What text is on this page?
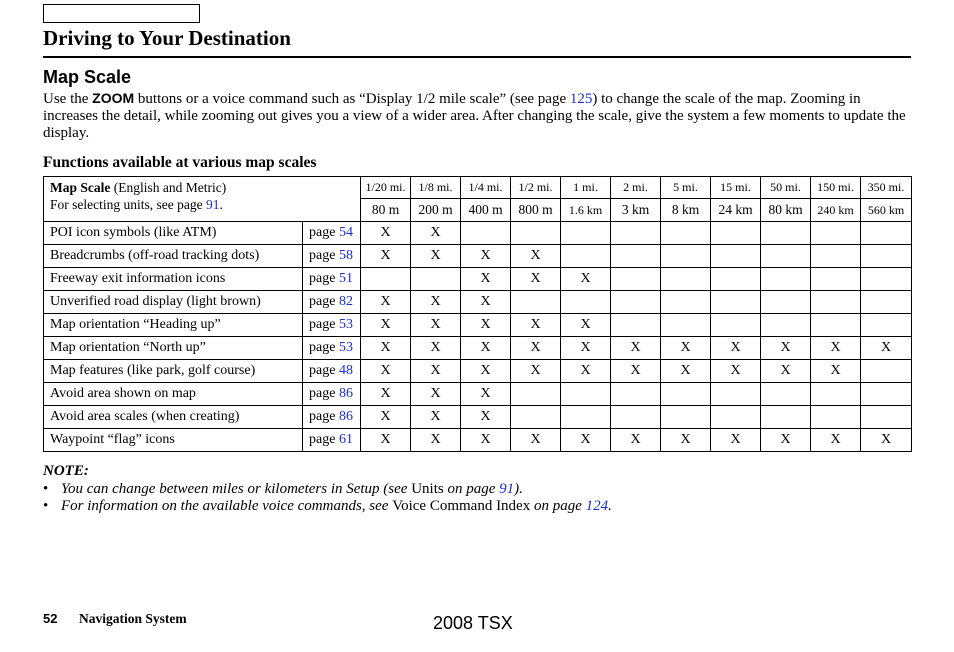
Driving to Your Destination
Map Scale
Use the ZOOM buttons or a voice command such as “Display 1/2 mile scale” (see page 125) to change the scale of the map. Zooming in increases the detail, while zooming out gives you a view of a wider area. After changing the scale, give the system a few moments to update the display.
Functions available at various map scales
Map Scale (English and Metric)
For selecting units, see page 91.		1/20 mi.	1/8 mi.	1/4 mi.	1/2 mi.	1 mi.	2 mi.	5 mi.	15 mi.	50 mi.	150 mi.	350 mi.
		80 m	200 m	400 m	800 m	1.6 km	3 km	8 km	24 km	80 km	240 km	560 km
POI icon symbols (like ATM)	page 54	X	X									
Breadcrumbs (off-road tracking dots)	page 58	X	X	X	X							
Freeway exit information icons	page 51			X	X	X						
Unverified road display (light brown)	page 82	X	X	X								
Map orientation “Heading up”	page 53	X	X	X	X	X						
Map orientation “North up”	page 53	X	X	X	X	X	X	X	X	X	X	X
Map features (like park, golf course)	page 48	X	X	X	X	X	X	X	X	X	X	
Avoid area shown on map	page 86	X	X	X								
Avoid area scales (when creating)	page 86	X	X	X								
Waypoint “flag” icons	page 61	X	X	X	X	X	X	X	X	X	X	X
NOTE:
• You can change between miles or kilometers in Setup (see Units on page 91).
• For information on the available voice commands, see Voice Command Index on page 124.
52 Navigation System	2008 TSX
